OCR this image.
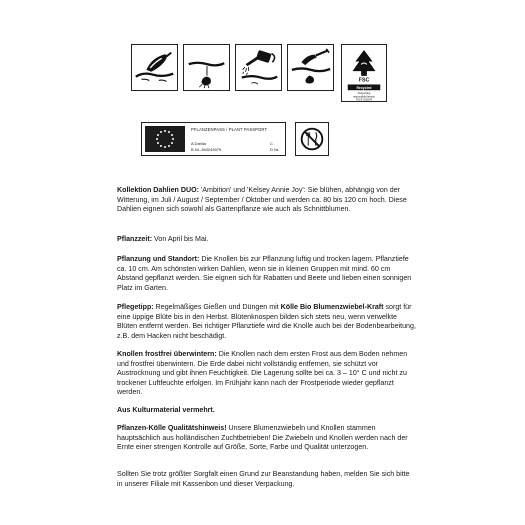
FSC
Recycled
Supporting
responsible forestry
FSC® C001874
PFLANZENPASS / PLANT PASSPORT
A Dahlia
B NL-363249079
C
D NL

Kollektion Dahlien DUO: 'Ambition' und 'Kelsey Annie Joy': Sie blühen, abhängig von der Witterung, im Juli / August / September / Oktober und werden ca. 80 bis 120 cm hoch. Diese Dahlien eignen sich sowohl als Gartenpflanze wie auch als Schnittblumen.

Pflanzzeit: Von April bis Mai.

Pflanzung und Standort: Die Knollen bis zur Pflanzung luftig und trocken lagern. Pflanztiefe ca. 10 cm. Am schönsten wirken Dahlien, wenn sie in kleinen Gruppen mit mind. 60 cm Abstand gepflanzt werden. Sie eignen sich für Rabatten und Beete und lieben einen sonnigen Platz im Garten.

Pflegetipp: Regelmäßiges Gießen und Düngen mit Kölle Bio Blumenzwiebel-Kraft sorgt für eine üppige Blüte bis in den Herbst. Blütenknospen bilden sich stets neu, wenn verwelkte Blüten entfernt werden. Bei richtiger Pflanztiefe wird die Knolle auch bei der Bodenbearbeitung, z.B. dem Hacken nicht beschädigt.

Knollen frostfrei überwintern: Die Knollen nach dem ersten Frost aus dem Boden nehmen und frostfrei überwintern. Die Erde dabei nicht vollständig entfernen, sie schützt vor Austrocknung und gibt ihnen Feuchtigkeit. Die Lagerung sollte bei ca. 3 – 10° C und nicht zu trockener Luftfeuchte erfolgen. Im Frühjahr kann nach der Frostperiode wieder gepflanzt werden.

Aus Kulturmaterial vermehrt.

Pflanzen-Kölle Qualitätshinweis! Unsere Blumenzwiebeln und Knollen stammen hauptsächlich aus holländischen Zuchtbetrieben! Die Zwiebeln und Knollen werden nach der Ernte einer strengen Kontrolle auf Größe, Sorte, Farbe und Qualität unterzogen.

Sollten Sie trotz größter Sorgfalt einen Grund zur Beanstandung haben, melden Sie sich bitte in unserer Filiale mit Kassenbon und dieser Verpackung.
